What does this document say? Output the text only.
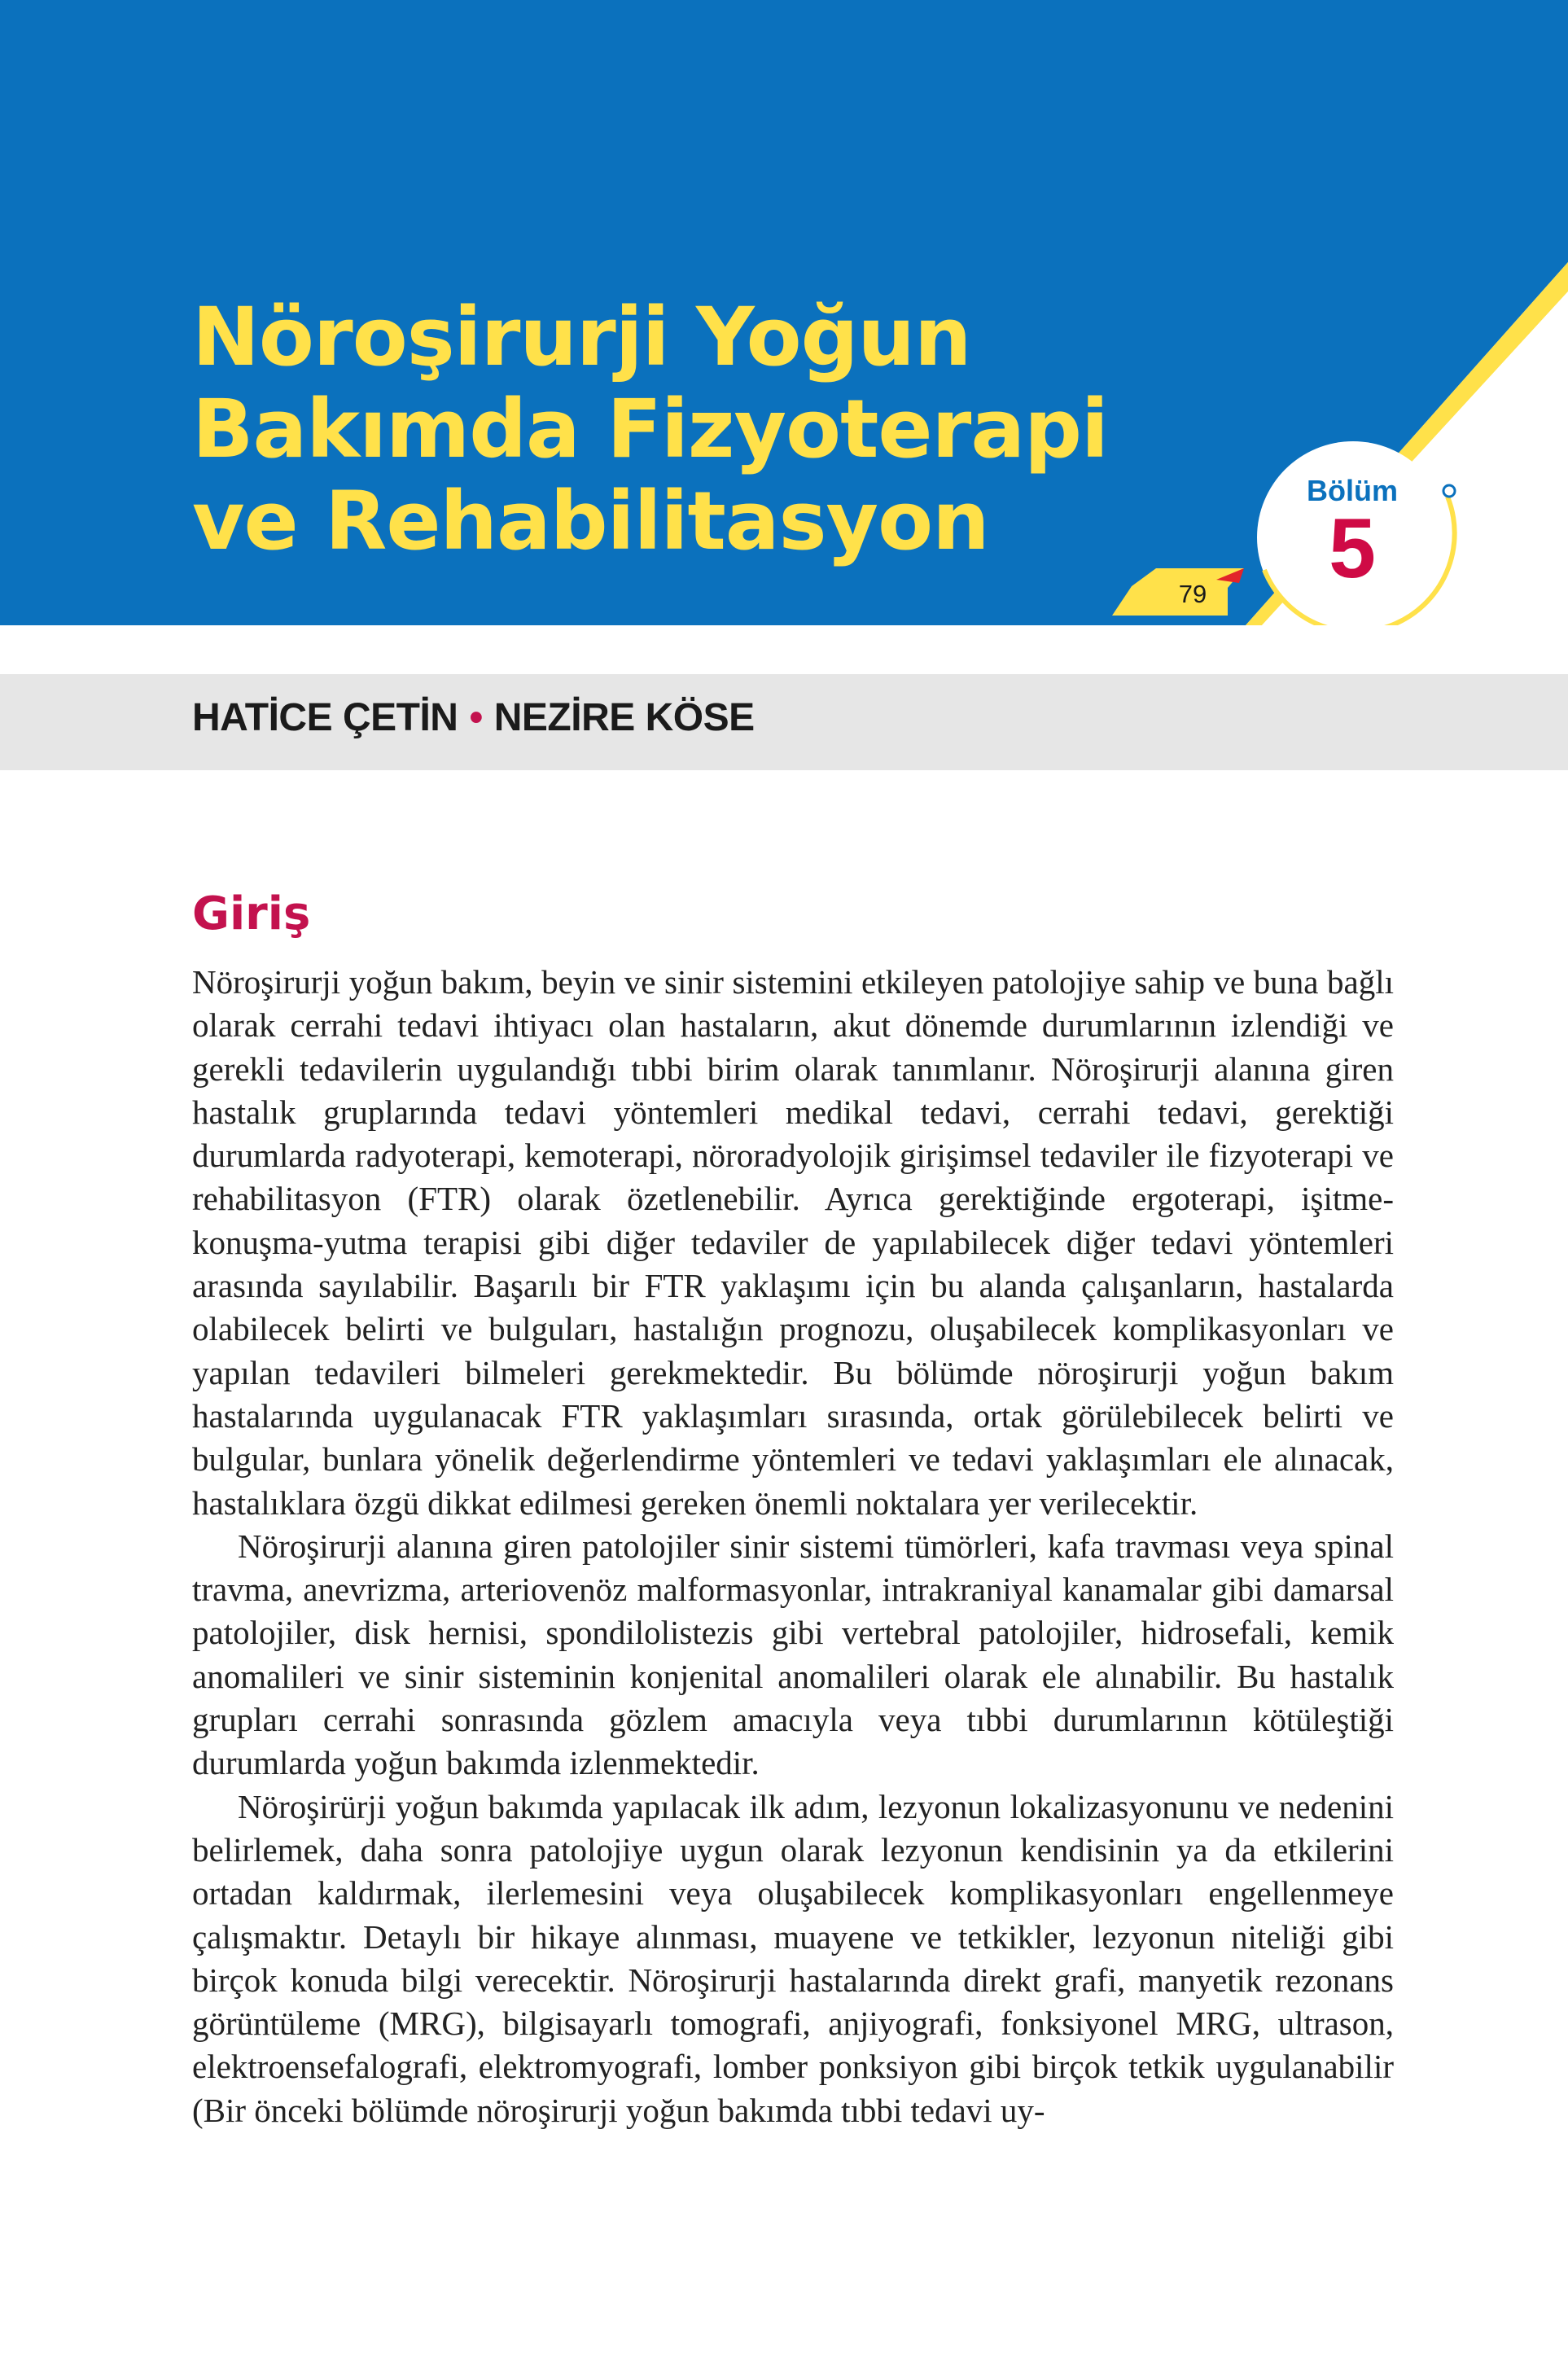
Nöroşirurji Yoğun
Bakımda Fizyoterapi
ve Rehabilitasyon
79
Bölüm
5
HATİCE ÇETİN • NEZİRE KÖSE
Giriş

Nöroşirurji yoğun bakım, beyin ve sinir sistemini etkileyen patolojiye sahip ve buna bağlı olarak cerrahi tedavi ihtiyacı olan hastaların, akut dönemde durumlarının izlendiği ve gerekli tedavilerin uygulandığı tıbbi birim olarak tanımlanır. Nöroşirurji alanına giren hastalık gruplarında tedavi yöntemleri medikal tedavi, cerrahi tedavi, gerektiği durumlarda radyoterapi, kemoterapi, nöroradyolojik girişimsel tedaviler ile fizyoterapi ve rehabilitasyon (FTR) olarak özetlenebilir. Ayrıca gerektiğinde ergoterapi, işitme-konuşma-yutma terapisi gibi diğer tedaviler de yapılabilecek diğer tedavi yöntemleri arasında sayılabilir. Başarılı bir FTR yaklaşımı için bu alanda çalışanların, hastalarda olabilecek belirti ve bulguları, hastalığın prognozu, oluşabilecek komplikasyonları ve yapılan tedavileri bilmeleri gerekmektedir. Bu bölümde nöroşirurji yoğun bakım hastalarında uygulanacak FTR yaklaşımları sırasında, ortak görülebilecek belirti ve bulgular, bunlara yönelik değerlendirme yöntemleri ve tedavi yaklaşımları ele alınacak, hastalıklara özgü dikkat edilmesi gereken önemli noktalara yer verilecektir.

Nöroşirurji alanına giren patolojiler sinir sistemi tümörleri, kafa travması veya spinal travma, anevrizma, arteriovenöz malformasyonlar, intrakraniyal kanamalar gibi damarsal patolojiler, disk hernisi, spondilolistezis gibi vertebral patolojiler, hidrosefali, kemik anomalileri ve sinir sisteminin konjenital anomalileri olarak ele alınabilir. Bu hastalık grupları cerrahi sonrasında gözlem amacıyla veya tıbbi durumlarının kötüleştiği durumlarda yoğun bakımda izlenmektedir.

Nöroşirürji yoğun bakımda yapılacak ilk adım, lezyonun lokalizasyonunu ve nedenini belirlemek, daha sonra patolojiye uygun olarak lezyonun kendisinin ya da etkilerini ortadan kaldırmak, ilerlemesini veya oluşabilecek komplikasyonları engellenmeye çalışmaktır. Detaylı bir hikaye alınması, muayene ve tetkikler, lezyonun niteliği gibi birçok konuda bilgi verecektir. Nöroşirurji hastalarında direkt grafi, manyetik rezonans görüntüleme (MRG), bilgisayarlı tomografi, anjiyografi, fonksiyonel MRG, ultrason, elektroensefalografi, elektromyografi, lomber ponksiyon gibi birçok tetkik uygulanabilir (Bir önceki bölümde nöroşirurji yoğun bakımda tıbbi tedavi uy-
